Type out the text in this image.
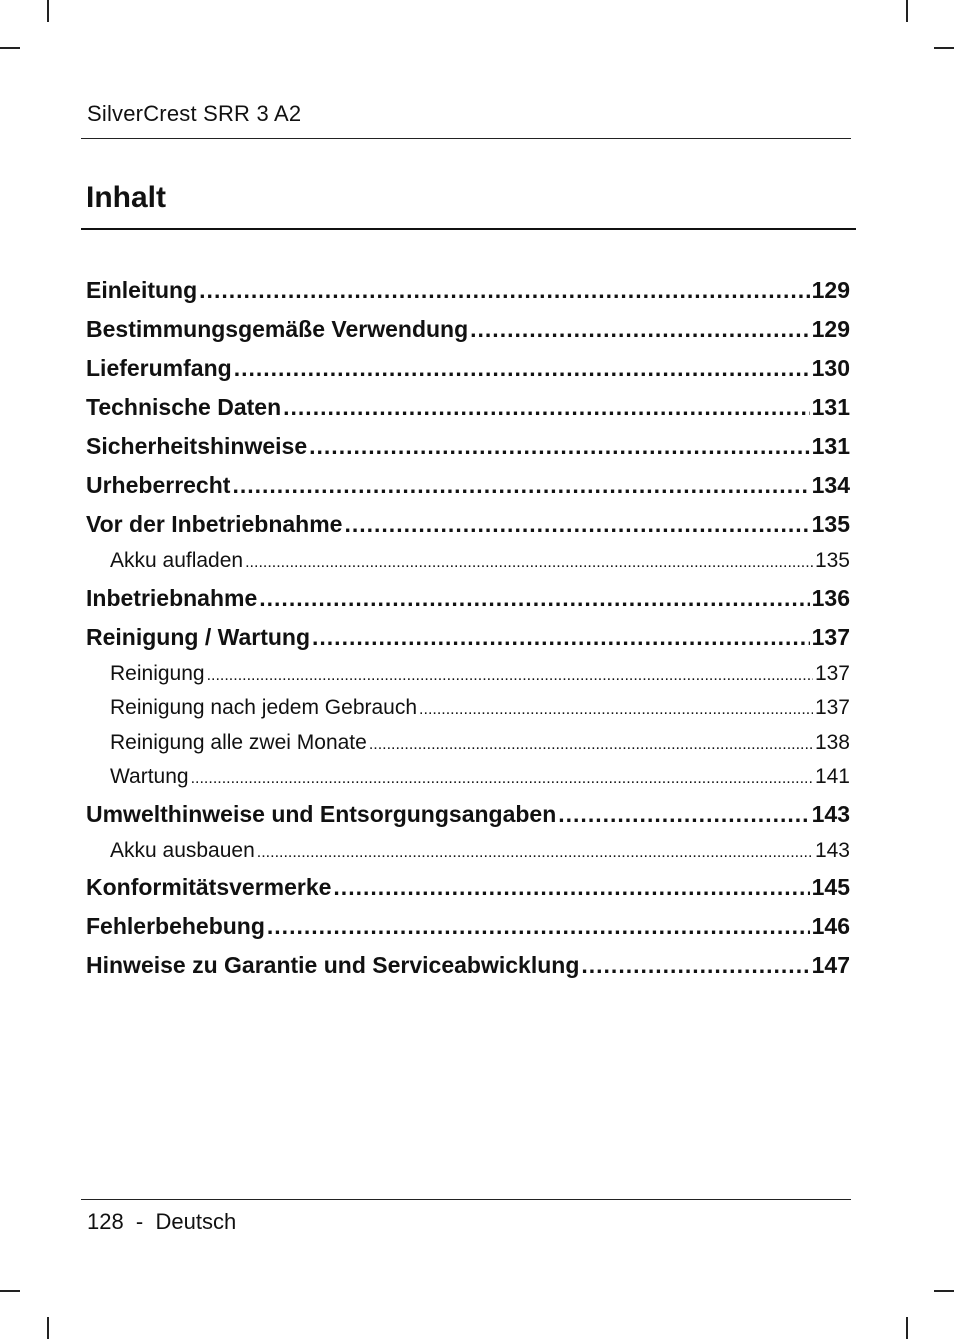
SilverCrest SRR 3 A2
Inhalt
Einleitung .....	129
Bestimmungsgemäße Verwendung .....	129
Lieferumfang .....	130
Technische Daten .....	131
Sicherheitshinweise .....	131
Urheberrecht .....	134
Vor der Inbetriebnahme .....	135
Akku aufladen .....	135
Inbetriebnahme .....	136
Reinigung / Wartung .....	137
Reinigung .....	137
Reinigung nach jedem Gebrauch .....	137
Reinigung alle zwei Monate .....	138
Wartung .....	141
Umwelthinweise und Entsorgungsangaben .....	143
Akku ausbauen .....	143
Konformitätsvermerke .....	145
Fehlerbehebung .....	146
Hinweise zu Garantie und Serviceabwicklung .....	147
128  -  Deutsch
